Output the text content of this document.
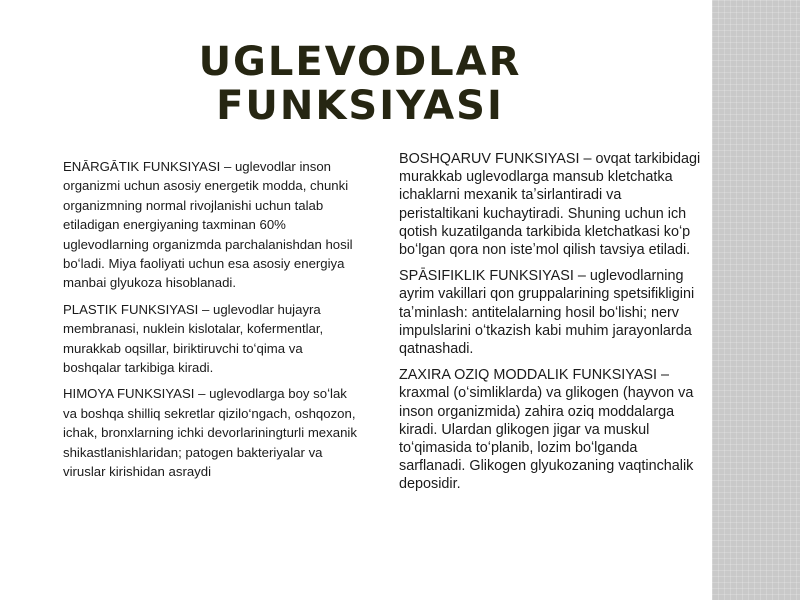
UGLEVODLAR
FUNKSIYASI

ENĀRGĀTIK FUNKSIYASI – uglevodlar inson organizmi uchun asosiy energetik modda, chunki organizmning normal rivojlanishi uchun talab etiladigan energiyaning taxminan 60% uglevodlarning organizmda parchalanishdan hosil boʻladi. Miya faoliyati uchun esa asosiy energiya manbai glyukoza hisoblanadi.

PLASTIK FUNKSIYASI – uglevodlar hujayra membranasi, nuklein kislotalar, kofermentlar, murakkab oqsillar, biriktiruvchi toʻqima va boshqalar tarkibiga kiradi.

HIMOYA FUNKSIYASI – uglevodlarga boy soʻlak va boshqa shilliq sekretlar qizilo‘ngach, oshqozon, ichak, bronxlarning ichki devorlariningturli mexanik shikastlanishlaridan; patogen bakteriyalar va viruslar kirishidan asraydi

BOSHQARUV FUNKSIYASI – ovqat tarkibidagi murakkab uglevodlarga mansub kletchatka ichaklarni mexanik taʼsirlantiradi va peristaltikani kuchaytiradi. Shuning uchun ich qotish kuzatilganda tarkibida kletchatkasi koʻp boʻlgan qora non isteʼmol qilish tavsiya etiladi.

SPĀSIFIKLIK FUNKSIYASI – uglevodlarning ayrim vakillari qon gruppalarining spetsifikligini taʼminlash: antitelalarning hosil boʻlishi; nerv impulslarini oʻtkazish kabi muhim jarayonlarda qatnashadi.

ZAXIRA OZIQ MODDALIK FUNKSIYASI – kraxmal (oʻsimliklarda) va glikogen (hayvon va inson organizmida) zahira oziq moddalarga kiradi. Ulardan glikogen jigar va muskul toʻqimasida toʻplanib, lozim boʻlganda sarflanadi. Glikogen glyukozaning vaqtinchalik deposidir.
